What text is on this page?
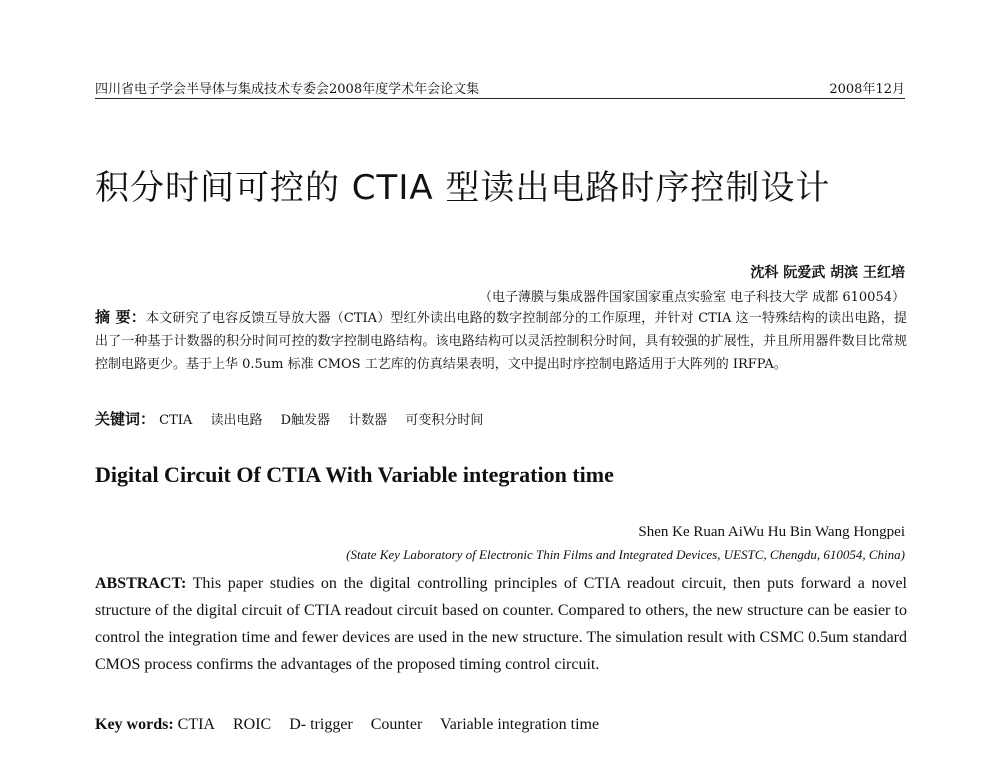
四川省电子学会半导体与集成技术专委会2008年度学术年会论文集	2008年12月
积分时间可控的 CTIA 型读出电路时序控制设计
沈科 阮爱武 胡滨 王红培
（电子薄膜与集成器件国家国家重点实验室 电子科技大学 成都 610054）
摘 要：本文研究了电容反馈互导放大器（CTIA）型红外读出电路的数字控制部分的工作原理，并针对 CTIA 这一特殊结构的读出电路，提出了一种基于计数器的积分时间可控的数字控制电路结构。该电路结构可以灵活控制积分时间，具有较强的扩展性，并且所用器件数目比常规控制电路更少。基于上华 0.5um 标准 CMOS 工艺库的仿真结果表明，文中提出时序控制电路适用于大阵列的 IRFPA。
关键词： CTIA 读出电路 D触发器 计数器 可变积分时间
Digital Circuit Of CTIA With Variable integration time
Shen Ke Ruan AiWu Hu Bin Wang Hongpei
(State Key Laboratory of Electronic Thin Films and Integrated Devices, UESTC, Chengdu, 610054, China)
ABSTRACT: This paper studies on the digital controlling principles of CTIA readout circuit, then puts forward a novel structure of the digital circuit of CTIA readout circuit based on counter. Compared to others, the new structure can be easier to control the integration time and fewer devices are used in the new structure. The simulation result with CSMC 0.5um standard CMOS process confirms the advantages of the proposed timing control circuit.
Key words: CTIA ROIC D- trigger Counter Variable integration time
